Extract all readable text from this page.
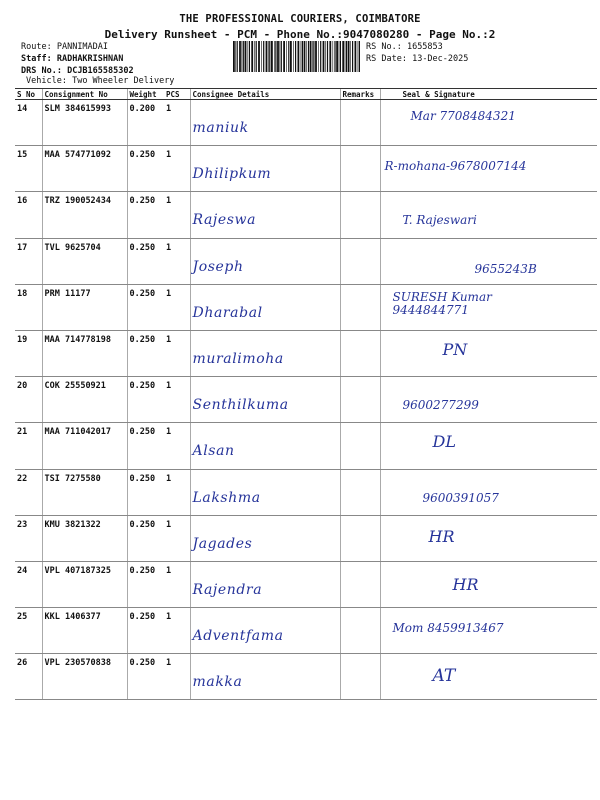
THE PROFESSIONAL COURIERS, COIMBATORE
Delivery Runsheet - PCM - Phone No.:9047080280 - Page No.:2
Route: PANNIMADAI
Staff: RADHAKRISHNAN
DRS No.: DCJB165585302
Vehicle: Two Wheeler Delivery
RS No.: 1655853
RS Date: 13-Dec-2025
S No	Consignment No	Weight	PCS	Consignee Details	Remarks	Seal & Signature
14	SLM 384615993	0.200	1	maniuk		Mar 7708484321

15	MAA 574771092	0.250	1	Dhilipkum		R-mohana-9678007144

16	TRZ 190052434	0.250	1	Rajeswa		T. Rajeswari

17	TVL 9625704	0.250	1	Joseph		9655243B

18	PRM 11177	0.250	1	Dharabal		SURESH Kumar 9444844771

19	MAA 714778198	0.250	1	muralimoha		PN

20	COK 25550921	0.250	1	Senthilkuma		9600277299

21	MAA 711042017	0.250	1	Alsan		DL

22	TSI 7275580	0.250	1	Lakshma		9600391057

23	KMU 3821322	0.250	1	Jagades		HR

24	VPL 407187325	0.250	1	Rajendra		HR

25	KKL 1406377	0.250	1	Adventfama		Mom 8459913467

26	VPL 230570838	0.250	1	makka		AT
